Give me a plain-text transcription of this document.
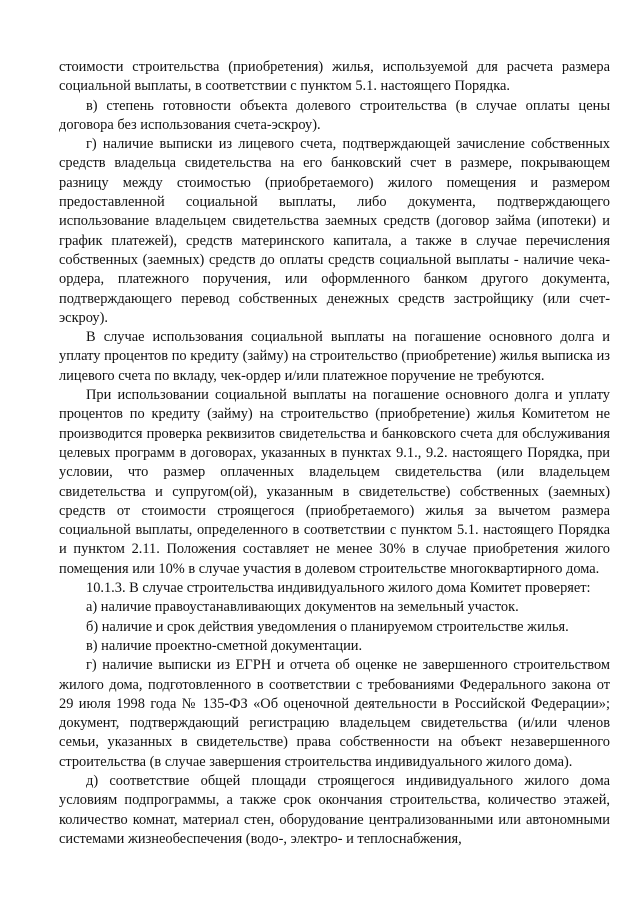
стоимости строительства (приобретения) жилья, используемой для расчета размера социальной выплаты, в соответствии с пунктом 5.1. настоящего Порядка.

в) степень готовности объекта долевого строительства (в случае оплаты цены договора без использования счета-эскроу).

г) наличие выписки из лицевого счета, подтверждающей зачисление собственных средств владельца свидетельства на его банковский счет в размере, покрывающем разницу между стоимостью (приобретаемого) жилого помещения и размером предоставленной социальной выплаты, либо документа, подтверждающего использование владельцем свидетельства заемных средств (договор займа (ипотеки) и график платежей), средств материнского капитала, а также в случае перечисления собственных (заемных) средств до оплаты средств социальной выплаты - наличие чека-ордера, платежного поручения, или оформленного банком другого документа, подтверждающего перевод собственных денежных средств застройщику (или счет-эскроу).

В случае использования социальной выплаты на погашение основного долга и уплату процентов по кредиту (займу) на строительство (приобретение) жилья выписка из лицевого счета по вкладу, чек-ордер и/или платежное поручение не требуются.

При использовании социальной выплаты на погашение основного долга и уплату процентов по кредиту (займу) на строительство (приобретение) жилья Комитетом не производится проверка реквизитов свидетельства и банковского счета для обслуживания целевых программ в договорах, указанных в пунктах 9.1., 9.2. настоящего Порядка, при условии, что размер оплаченных владельцем свидетельства (или владельцем свидетельства и супругом(ой), указанным в свидетельстве) собственных (заемных) средств от стоимости строящегося (приобретаемого) жилья за вычетом размера социальной выплаты, определенного в соответствии с пунктом 5.1. настоящего Порядка и пунктом 2.11. Положения составляет не менее 30% в случае приобретения жилого помещения или 10% в случае участия в долевом строительстве многоквартирного дома.

10.1.3. В случае строительства индивидуального жилого дома Комитет проверяет:

а) наличие правоустанавливающих документов на земельный участок.

б) наличие и срок действия уведомления о планируемом строительстве жилья.

в) наличие проектно-сметной документации.

г) наличие выписки из ЕГРН и отчета об оценке не завершенного строительством жилого дома, подготовленного в соответствии с требованиями Федерального закона от 29 июля 1998 года № 135-ФЗ «Об оценочной деятельности в Российской Федерации»; документ, подтверждающий регистрацию владельцем свидетельства (и/или членов семьи, указанных в свидетельстве) права собственности на объект незавершенного строительства (в случае завершения строительства индивидуального жилого дома).

д) соответствие общей площади строящегося индивидуального жилого дома условиям подпрограммы, а также срок окончания строительства, количество этажей, количество комнат, материал стен, оборудование централизованными или автономными системами жизнеобеспечения (водо-, электро- и теплоснабжения,
